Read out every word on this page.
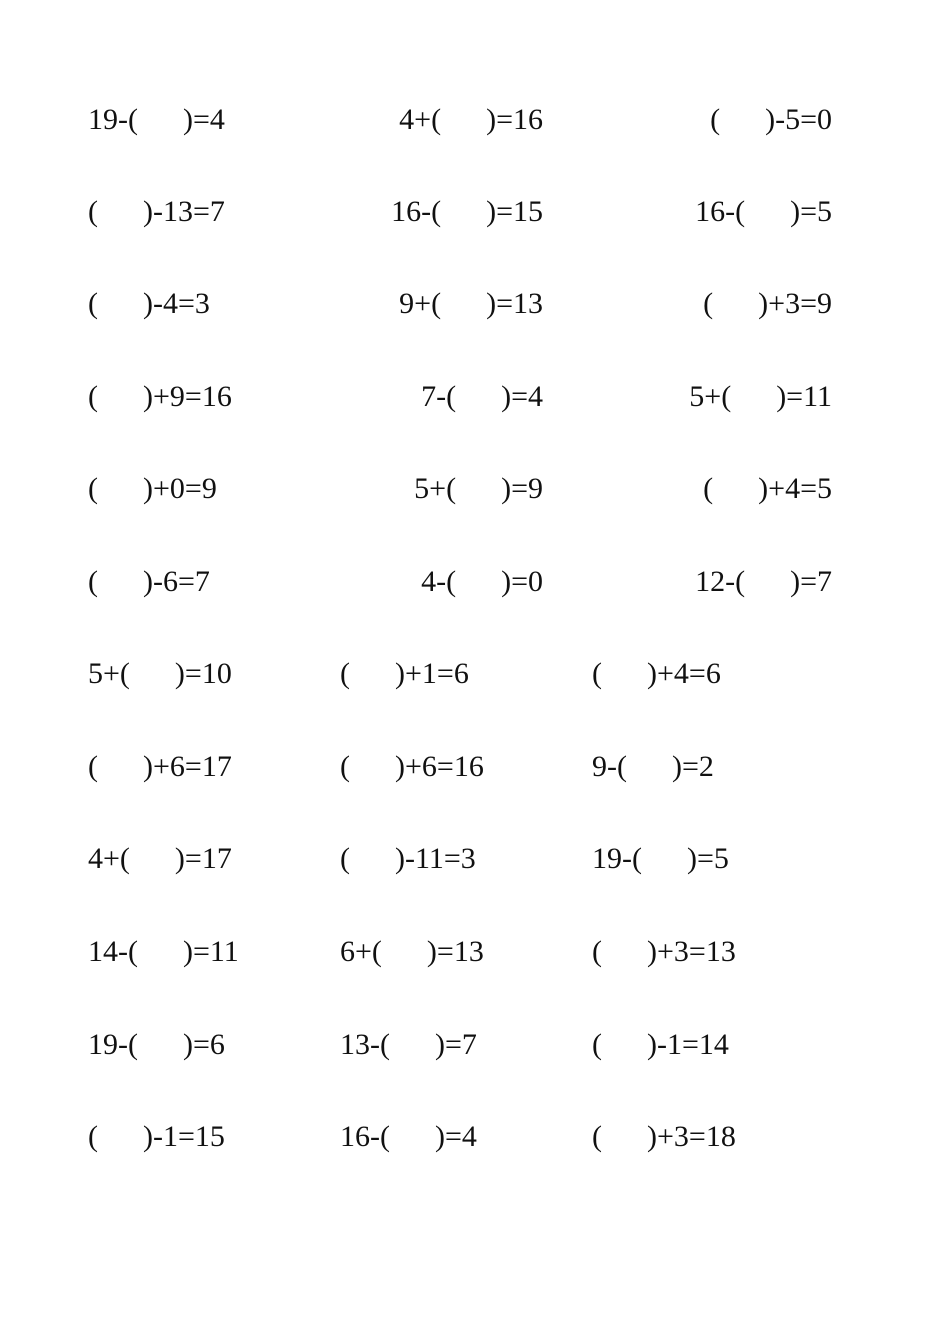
19-(      )=4	4+(      )=16	(      )-5=0
(      )-13=7	16-(      )=15	16-(      )=5
(      )-4=3	9+(      )=13	(      )+3=9
(      )+9=16	7-(      )=4	5+(      )=11
(      )+0=9	5+(      )=9	(      )+4=5
(      )-6=7	4-(      )=0	12-(      )=7
5+(      )=10	(      )+1=6	(      )+4=6
(      )+6=17	(      )+6=16	9-(      )=2
4+(      )=17	(      )-11=3	19-(      )=5
14-(      )=11	6+(      )=13	(      )+3=13
19-(      )=6	13-(      )=7	(      )-1=14
(      )-1=15	16-(      )=4	(      )+3=18
